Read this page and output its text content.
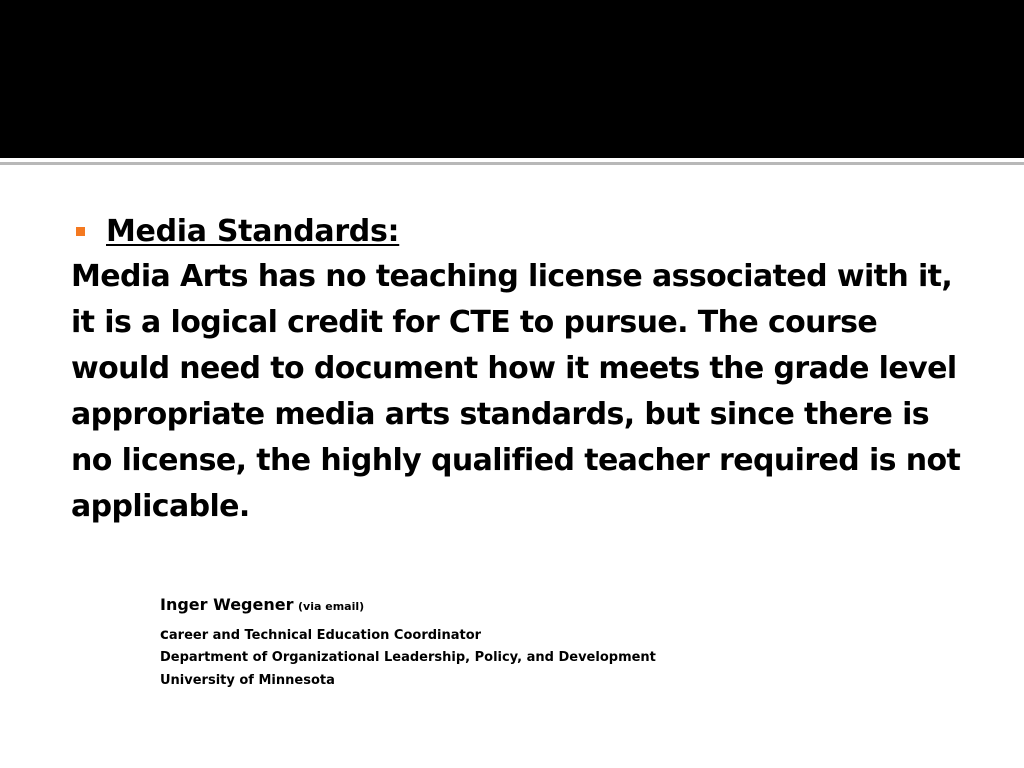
Media Standards:

Media Arts has no teaching license associated with it, it is a logical credit for CTE to pursue. The course would need to document how it meets the grade level appropriate media arts standards, but since there is no license, the highly qualified teacher required is not applicable.

Inger Wegener (via email)
career and Technical Education Coordinator
Department of Organizational Leadership, Policy, and Development
University of Minnesota
